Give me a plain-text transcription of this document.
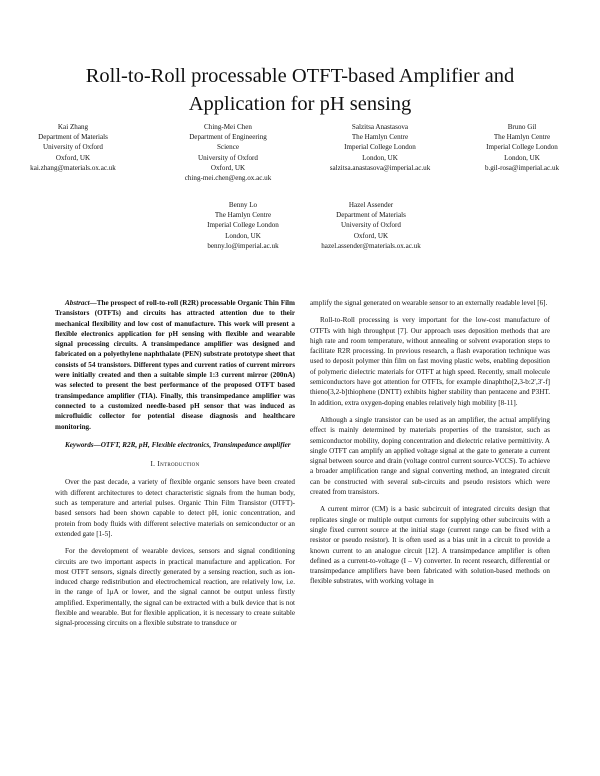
Roll-to-Roll processable OTFT-based Amplifier and
Application for pH sensing
Kai Zhang
Department of Materials
University of Oxford
Oxford, UK
kai.zhang@materials.ox.ac.uk
Ching-Mei Chen
Department of Engineering
Science
University of Oxford
Oxford, UK
ching-mei.chen@eng.ox.ac.uk
Salzitsa Anastasova
The Hamlyn Centre
Imperial College London
London, UK
salzitsa.anastasova@imperial.ac.uk
Bruno Gil
The Hamlyn Centre
Imperial College London
London, UK
b.gil-rosa@imperial.ac.uk
Benny Lo
The Hamlyn Centre
Imperial College London
London, UK
benny.lo@imperial.ac.uk
Hazel Assender
Department of Materials
University of Oxford
Oxford, UK
hazel.assender@materials.ox.ac.uk

Abstract—The prospect of roll-to-roll (R2R) processable Organic Thin Film Transistors (OTFTs) and circuits has attracted attention due to their mechanical flexibility and low cost of manufacture. This work will present a flexible electronics application for pH sensing with flexible and wearable signal processing circuits. A transimpedance amplifier was designed and fabricated on a polyethylene naphthalate (PEN) substrate prototype sheet that consists of 54 transistors. Different types and current ratios of current mirrors were initially created and then a suitable simple 1:3 current mirror (200nA) was selected to present the best performance of the proposed OTFT based transimpedance amplifier (TIA). Finally, this transimpedance amplifier was connected to a customized needle-based pH sensor that was induced as microfluidic collector for potential disease diagnosis and healthcare monitoring.

Keywords—OTFT, R2R, pH, Flexible electronics, Transimpedance amplifier

I. Introduction

Over the past decade, a variety of flexible organic sensors have been created with different architectures to detect characteristic signals from the human body, such as temperature and arterial pulses. Organic Thin Film Transistor (OTFT)-based sensors had been shown capable to detect pH, ionic concentration, and protein from body fluids with different selective materials on semiconductor or an extended gate [1-5].

For the development of wearable devices, sensors and signal conditioning circuits are two important aspects in practical manufacture and application. For most OTFT sensors, signals directly generated by a sensing reaction, such as ion-induced charge redistribution and electrochemical reaction, are relatively low, i.e. in the range of 1μA or lower, and the signal cannot be output unless firstly amplified. Experimentally, the signal can be extracted with a bulk device that is not flexible and wearable. But for flexible application, it is necessary to create suitable signal-processing circuits on a flexible substrate to transduce or

amplify the signal generated on wearable sensor to an externally readable level [6].

Roll-to-Roll processing is very important for the low-cost manufacture of OTFTs with high throughput [7]. Our approach uses deposition methods that are high rate and room temperature, without annealing or solvent evaporation steps to facilitate R2R processing. In previous research, a flash evaporation technique was used to deposit polymer thin film on fast moving plastic webs, enabling deposition of polymeric dielectric materials for OTFT at high speed. Recently, small molecule semiconductors have got attention for OTFTs, for example dinaphtho[2,3-b:2′,3′-f] thieno[3,2-b]thiophene (DNTT) exhibits higher stability than pentacene and P3HT. In addition, extra oxygen-doping enables relatively high mobility [8-11].

Although a single transistor can be used as an amplifier, the actual amplifying effect is mainly determined by materials properties of the transistor, such as semiconductor mobility, doping concentration and dielectric relative permittivity. A single OTFT can amplify an applied voltage signal at the gate to generate a current signal between source and drain (voltage control current source-VCCS). To achieve a broader amplification range and signal converting method, an integrated circuit can be constructed with several sub-circuits and pseudo resistors which were created from transistors.

A current mirror (CM) is a basic subcircuit of integrated circuits design that replicates single or multiple output currents for supplying other subcircuits with a single fixed current source at the initial stage (current range can be fixed with a resistor or pseudo resistor). It is often used as a bias unit in a circuit to provide a known current to an analogue circuit [12]. A transimpedance amplifier is often defined as a current-to-voltage (I – V) converter. In recent research, differential or transimpedance amplifiers have been fabricated with solution-based methods on flexible substrates, with working voltage in
